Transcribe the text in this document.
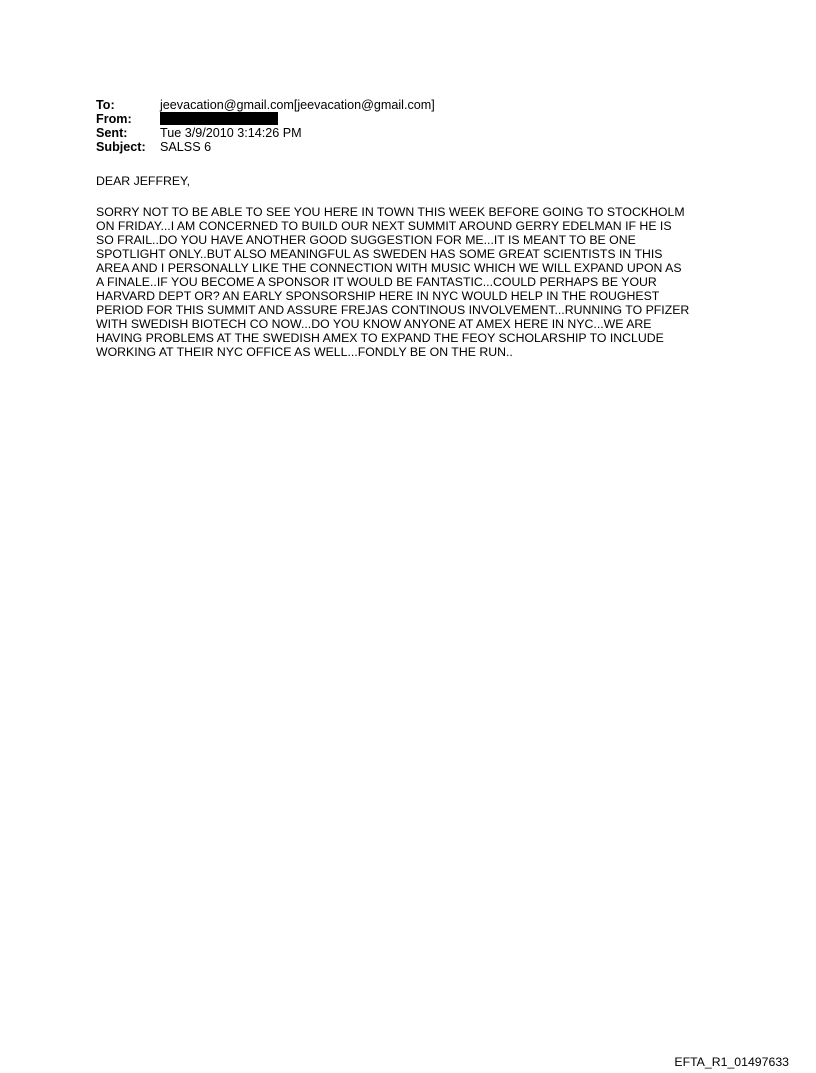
To:	jeevacation@gmail.com[jeevacation@gmail.com]
From:
Sent:	Tue 3/9/2010 3:14:26 PM
Subject:	SALSS 6
DEAR JEFFREY,
SORRY NOT TO BE ABLE TO SEE YOU HERE IN TOWN THIS WEEK BEFORE GOING TO STOCKHOLM
ON FRIDAY...I AM CONCERNED TO BUILD OUR NEXT SUMMIT AROUND GERRY EDELMAN IF HE IS
SO FRAIL..DO YOU HAVE ANOTHER GOOD SUGGESTION FOR ME...IT IS MEANT TO BE ONE
SPOTLIGHT ONLY..BUT ALSO MEANINGFUL AS SWEDEN HAS SOME GREAT SCIENTISTS IN THIS
AREA AND I PERSONALLY LIKE THE CONNECTION WITH MUSIC WHICH WE WILL EXPAND UPON AS
A FINALE..IF YOU BECOME A SPONSOR IT WOULD BE FANTASTIC...COULD PERHAPS BE YOUR
HARVARD DEPT OR? AN EARLY SPONSORSHIP HERE IN NYC WOULD HELP IN THE ROUGHEST
PERIOD FOR THIS SUMMIT AND ASSURE FREJAS CONTINOUS INVOLVEMENT...RUNNING TO PFIZER
WITH SWEDISH BIOTECH CO NOW...DO YOU KNOW ANYONE AT AMEX HERE IN NYC...WE ARE
HAVING PROBLEMS AT THE SWEDISH AMEX TO EXPAND THE FEOY SCHOLARSHIP TO INCLUDE
WORKING AT THEIR NYC OFFICE AS WELL...FONDLY BE ON THE RUN..
EFTA_R1_01497633
